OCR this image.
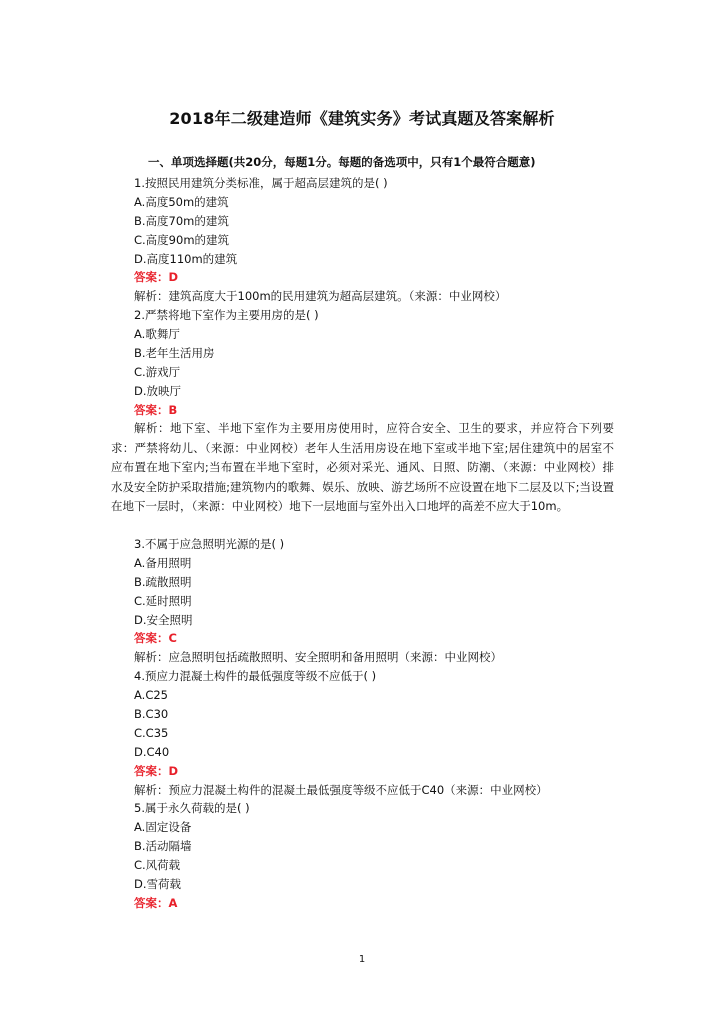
2018年二级建造师《建筑实务》考试真题及答案解析
一、单项选择题(共20分，每题1分。每题的备选项中，只有1个最符合题意)
1.按照民用建筑分类标准，属于超高层建筑的是( )
A.高度50m的建筑
B.高度70m的建筑
C.高度90m的建筑
D.高度110m的建筑
答案：D
解析：建筑高度大于100m的民用建筑为超高层建筑。（来源：中业网校）
2.严禁将地下室作为主要用房的是( )
A.歌舞厅
B.老年生活用房
C.游戏厅
D.放映厅
答案：B

解析：地下室、半地下室作为主要用房使用时，应符合安全、卫生的要求，并应符合下列要求：严禁将幼儿、（来源：中业网校）老年人生活用房设在地下室或半地下室;居住建筑中的居室不应布置在地下室内;当布置在半地下室时，必须对采光、通风、日照、防潮、（来源：中业网校）排水及安全防护采取措施;建筑物内的歌舞、娱乐、放映、游艺场所不应设置在地下二层及以下;当设置在地下一层时，（来源：中业网校）地下一层地面与室外出入口地坪的高差不应大于10m。

3.不属于应急照明光源的是( )
A.备用照明
B.疏散照明
C.延时照明
D.安全照明
答案：C
解析：应急照明包括疏散照明、安全照明和备用照明（来源：中业网校）
4.预应力混凝土构件的最低强度等级不应低于( )
A.C25
B.C30
C.C35
D.C40
答案：D
解析：预应力混凝土构件的混凝土最低强度等级不应低于C40（来源：中业网校）
5.属于永久荷载的是( )
A.固定设备
B.活动隔墙
C.风荷载
D.雪荷载
答案：A
1
